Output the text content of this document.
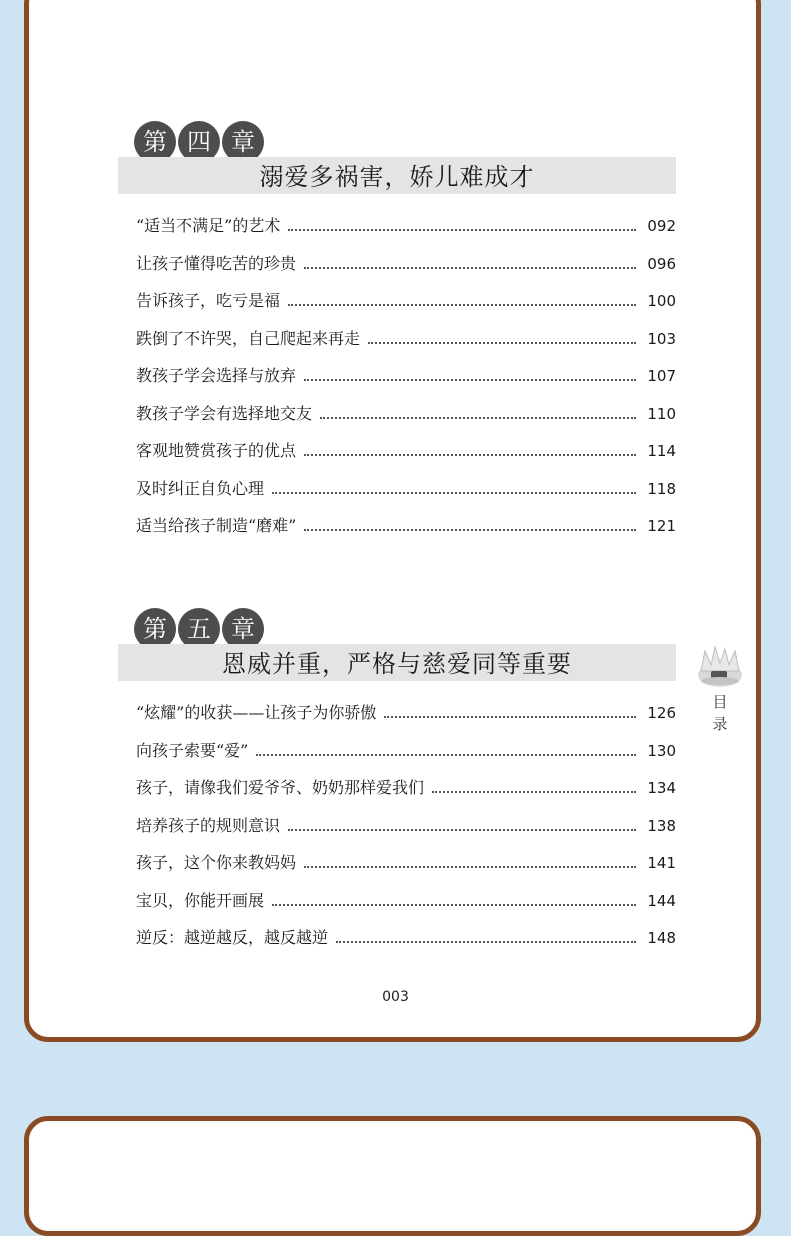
第 四 章
溺爱多祸害，娇儿难成才
“适当不满足”的艺术	092
让孩子懂得吃苦的珍贵	096
告诉孩子，吃亏是福	100
跌倒了不许哭，自己爬起来再走	103
教孩子学会选择与放弃	107
教孩子学会有选择地交友	110
客观地赞赏孩子的优点	114
及时纠正自负心理	118
适当给孩子制造“磨难”	121
第 五 章
恩威并重，严格与慈爱同等重要
“炫耀”的收获——让孩子为你骄傲	126
向孩子索要“爱”	130
孩子，请像我们爱爷爷、奶奶那样爱我们	134
培养孩子的规则意识	138
孩子，这个你来教妈妈	141
宝贝，你能开画展	144
逆反：越逆越反，越反越逆	148
目
录
003
